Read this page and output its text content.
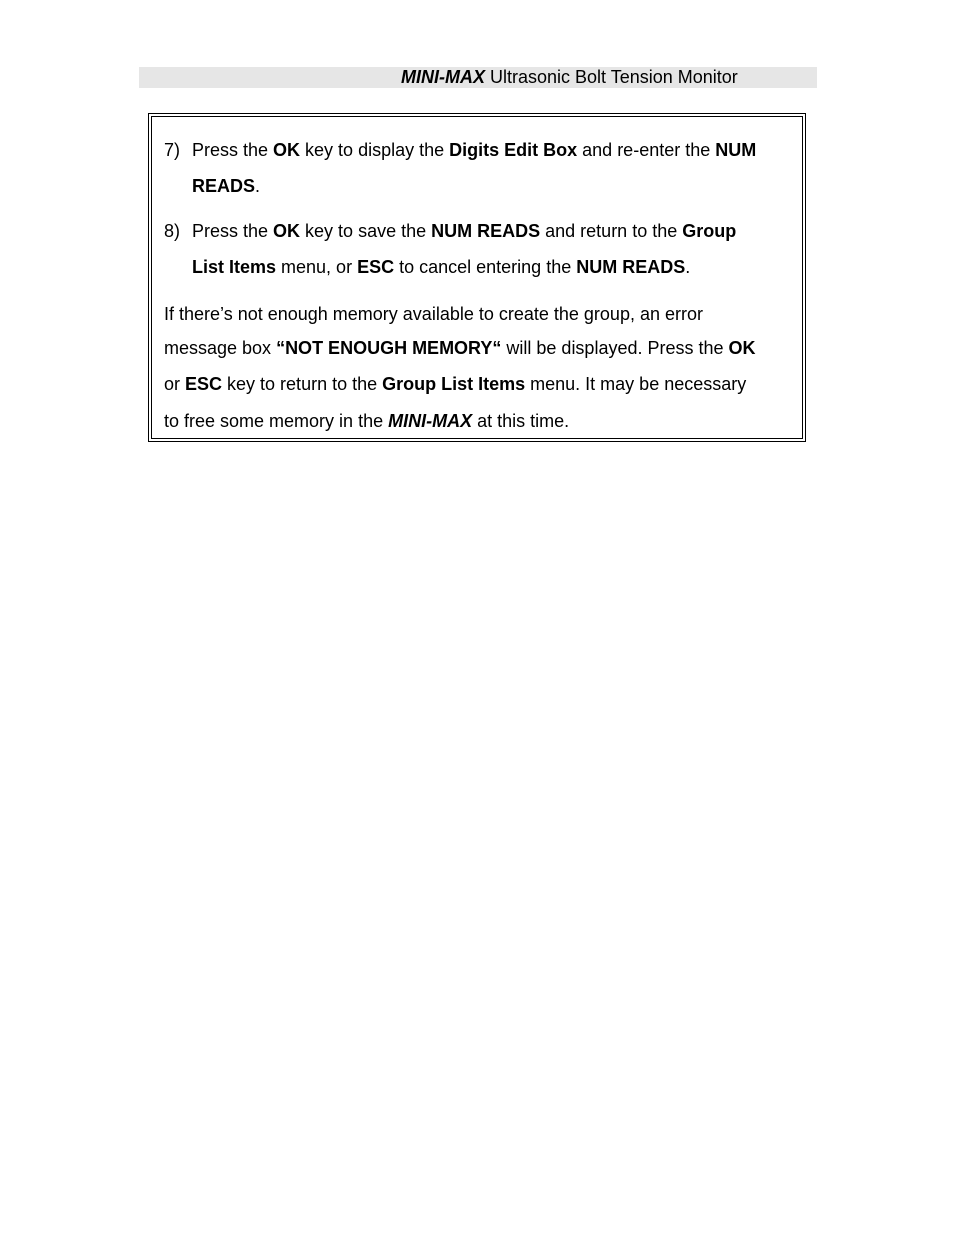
MINI-MAX Ultrasonic Bolt Tension Monitor
7) Press the OK key to display the Digits Edit Box and re-enter the NUM
READS.
8) Press the OK key to save the NUM READS and return to the Group
List Items menu, or ESC to cancel entering the NUM READS.
If there’s not enough memory available to create the group, an error
message box “NOT ENOUGH MEMORY“ will be displayed. Press the OK
or ESC key to return to the Group List Items menu. It may be necessary
to free some memory in the MINI-MAX at this time.
